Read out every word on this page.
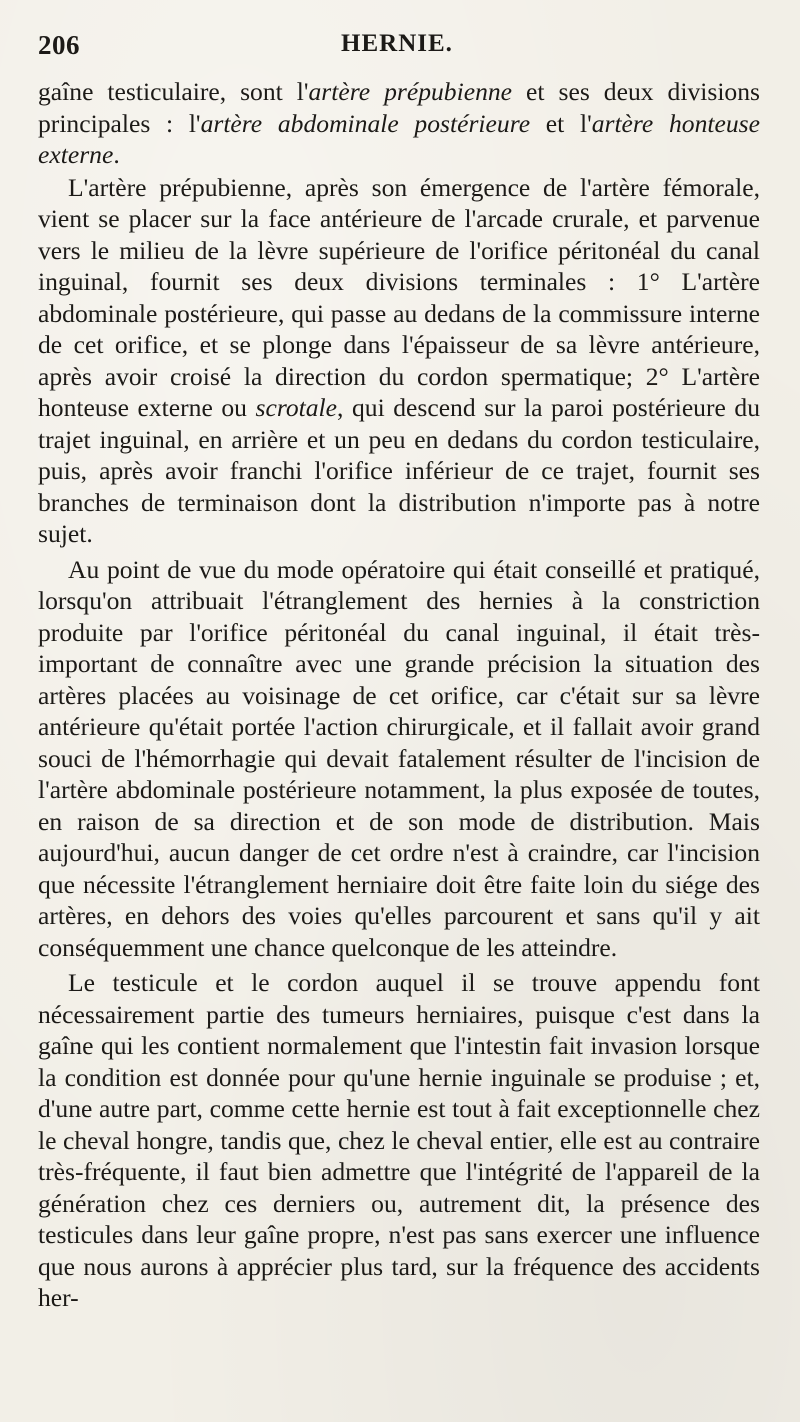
206	HERNIE.

gaîne testiculaire, sont l'artère prépubienne et ses deux divisions principales : l'artère abdominale postérieure et l'artère honteuse externe.

L'artère prépubienne, après son émergence de l'artère fémorale, vient se placer sur la face antérieure de l'arcade crurale, et parvenue vers le milieu de la lèvre supérieure de l'orifice péritonéal du canal inguinal, fournit ses deux divisions terminales : 1° L'artère abdominale postérieure, qui passe au dedans de la commissure interne de cet orifice, et se plonge dans l'épaisseur de sa lèvre antérieure, après avoir croisé la direction du cordon spermatique; 2° L'artère honteuse externe ou scrotale, qui descend sur la paroi postérieure du trajet inguinal, en arrière et un peu en dedans du cordon testiculaire, puis, après avoir franchi l'orifice inférieur de ce trajet, fournit ses branches de terminaison dont la distribution n'importe pas à notre sujet.

Au point de vue du mode opératoire qui était conseillé et pratiqué, lorsqu'on attribuait l'étranglement des hernies à la constriction produite par l'orifice péritonéal du canal inguinal, il était très-important de connaître avec une grande précision la situation des artères placées au voisinage de cet orifice, car c'était sur sa lèvre antérieure qu'était portée l'action chirurgicale, et il fallait avoir grand souci de l'hémorrhagie qui devait fatalement résulter de l'incision de l'artère abdominale postérieure notamment, la plus exposée de toutes, en raison de sa direction et de son mode de distribution. Mais aujourd'hui, aucun danger de cet ordre n'est à craindre, car l'incision que nécessite l'étranglement herniaire doit être faite loin du siége des artères, en dehors des voies qu'elles parcourent et sans qu'il y ait conséquemment une chance quelconque de les atteindre.

Le testicule et le cordon auquel il se trouve appendu font nécessairement partie des tumeurs herniaires, puisque c'est dans la gaîne qui les contient normalement que l'intestin fait invasion lorsque la condition est donnée pour qu'une hernie inguinale se produise ; et, d'une autre part, comme cette hernie est tout à fait exceptionnelle chez le cheval hongre, tandis que, chez le cheval entier, elle est au contraire très-fréquente, il faut bien admettre que l'intégrité de l'appareil de la génération chez ces derniers ou, autrement dit, la présence des testicules dans leur gaîne propre, n'est pas sans exercer une influence que nous aurons à apprécier plus tard, sur la fréquence des accidents her-
